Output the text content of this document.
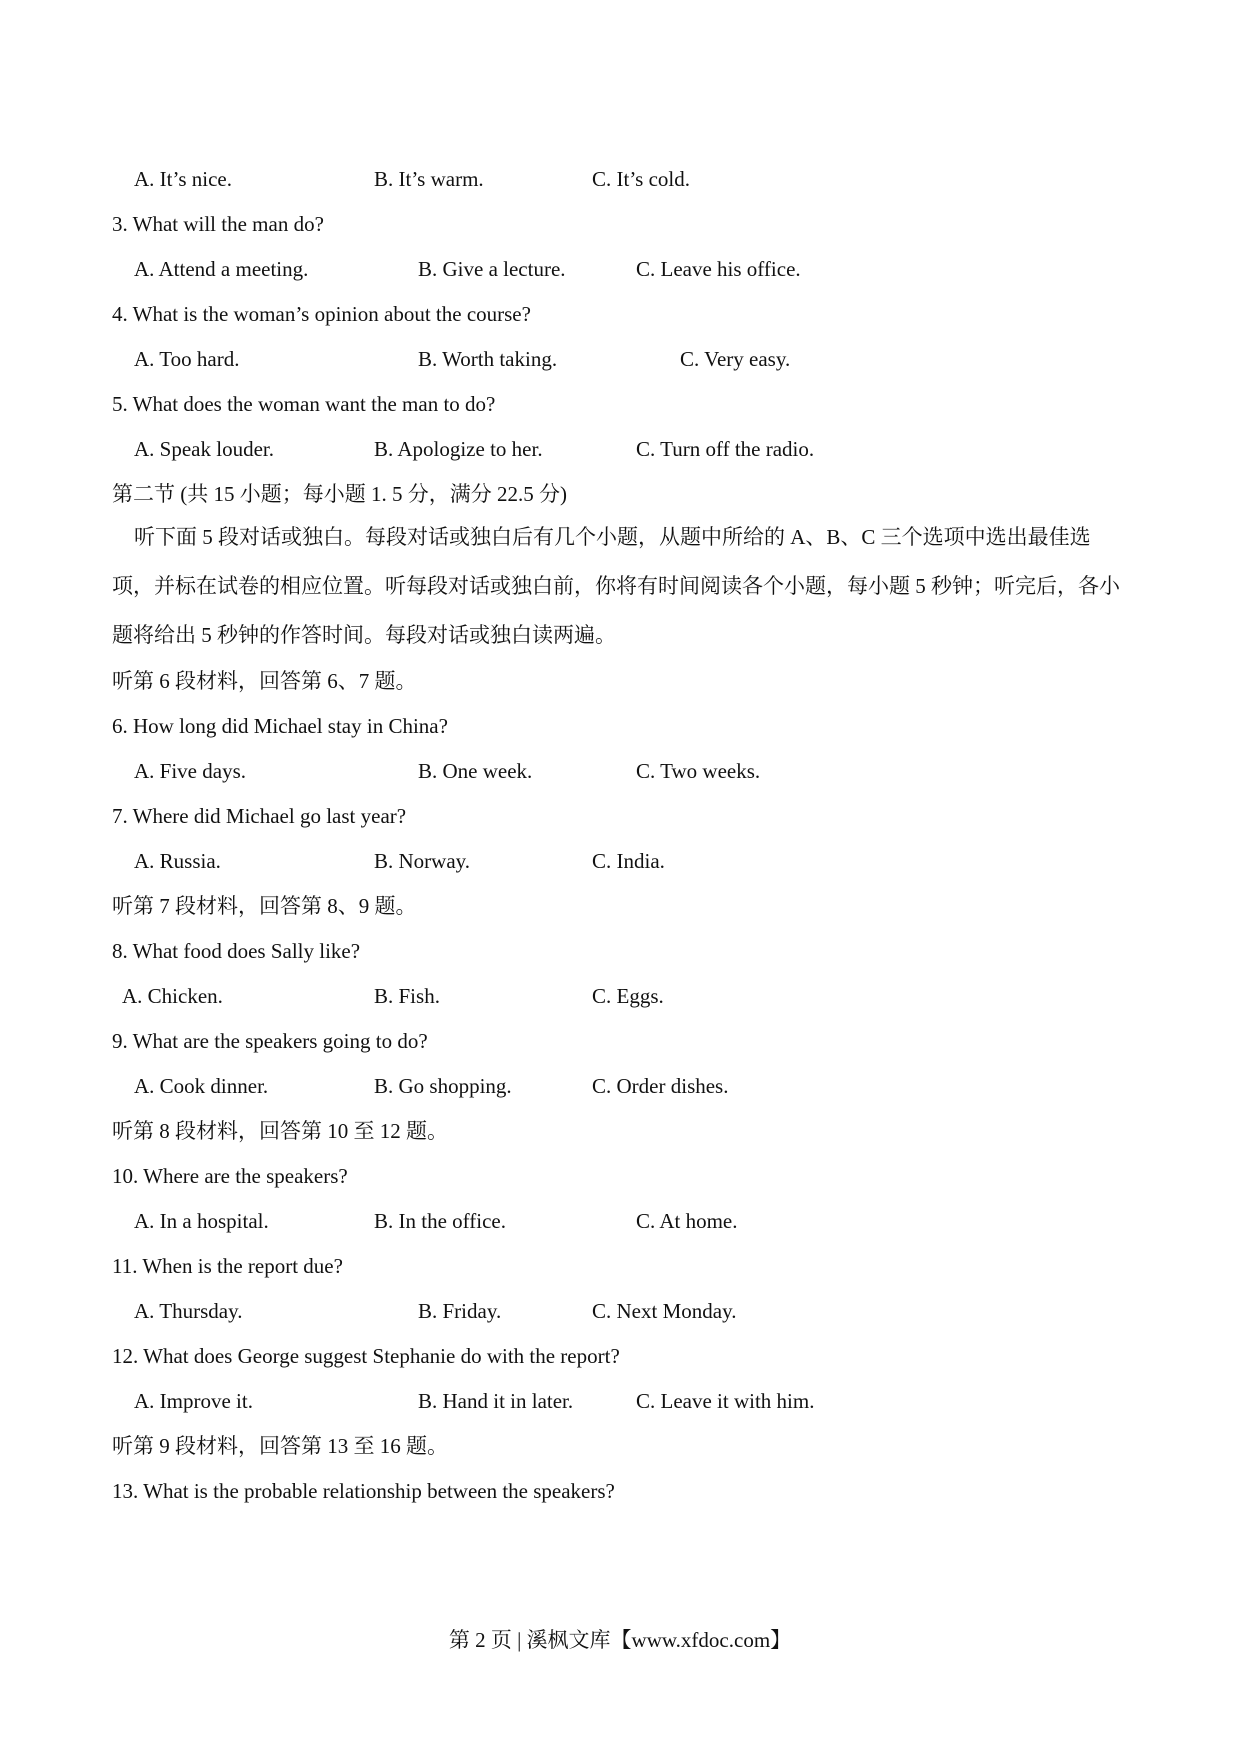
A. It’s nice.	B. It’s warm.	C. It’s cold.
3. What will the man do?
A. Attend a meeting.	B. Give a lecture.	C. Leave his office.
4. What is the woman’s opinion about the course?
A. Too hard.	B. Worth taking.	C. Very easy.
5. What does the woman want the man to do?
A. Speak louder.	B. Apologize to her.	C. Turn off the radio.
第二节 (共 15 小题；每小题 1. 5 分，满分 22.5 分)
听下面 5 段对话或独白。每段对话或独白后有几个小题，从题中所给的 A、B、C 三个选项中选出最佳选项，并标在试卷的相应位置。听每段对话或独白前，你将有时间阅读各个小题，每小题 5 秒钟；听完后，各小题将给出 5 秒钟的作答时间。每段对话或独白读两遍。
听第 6 段材料，回答第 6、7 题。
6. How long did Michael stay in China?
A. Five days.	B. One week.	C. Two weeks.
7. Where did Michael go last year?
A. Russia.	B. Norway.	C. India.
听第 7 段材料，回答第 8、9 题。
8. What food does Sally like?
A. Chicken.	B. Fish.	C. Eggs.
9. What are the speakers going to do?
A. Cook dinner.	B. Go shopping.	C. Order dishes.
听第 8 段材料，回答第 10 至 12 题。
10. Where are the speakers?
A. In a hospital.	B. In the office.	C. At home.
11. When is the report due?
A. Thursday.	B. Friday.	C. Next Monday.
12. What does George suggest Stephanie do with the report?
A. Improve it.	B. Hand it in later.	C. Leave it with him.
听第 9 段材料，回答第 13 至 16 题。
13. What is the probable relationship between the speakers?
第 2 页 | 溪枫文库【www.xfdoc.com】
